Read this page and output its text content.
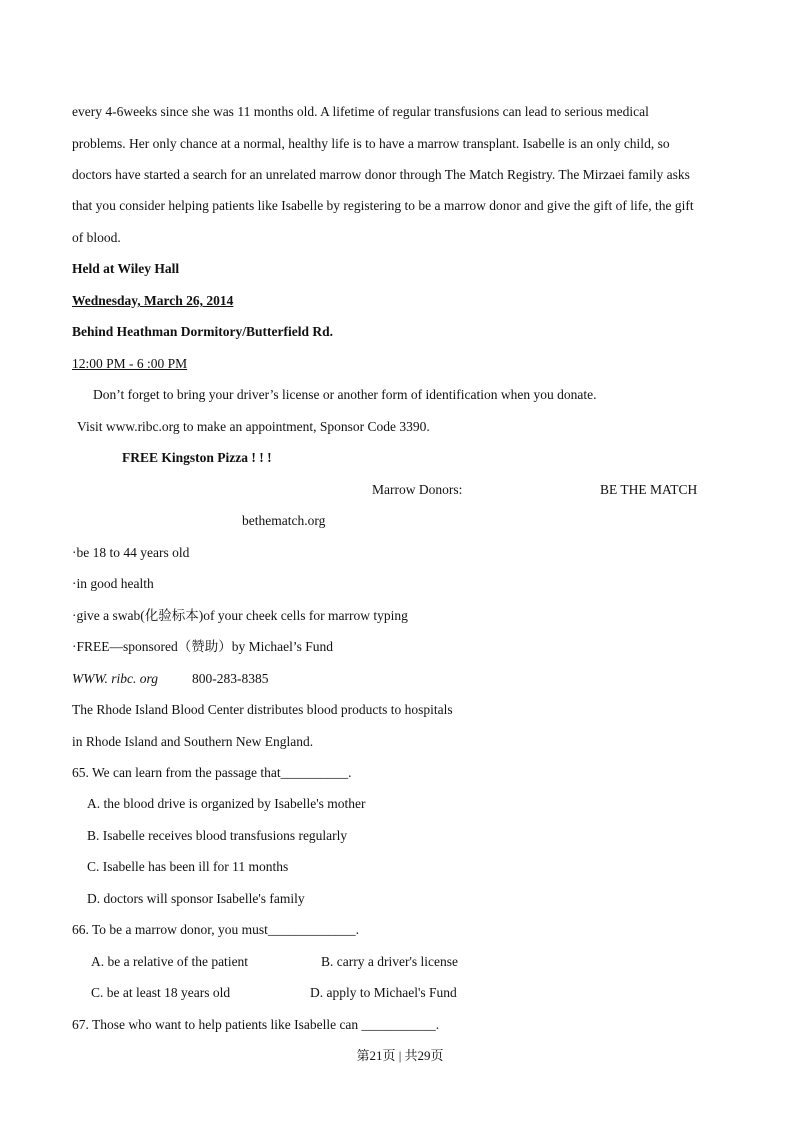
every 4-6weeks since she was 11 months old. A lifetime of regular transfusions can lead to serious medical
problems. Her only chance at a normal, healthy life is to have a marrow transplant. Isabelle is an only child, so
doctors have started a search for an unrelated marrow donor through The Match Registry. The Mirzaei family asks
that you consider helping patients like Isabelle by registering to be a marrow donor and give the gift of life, the gift
of blood.
Held at Wiley Hall
Wednesday, March 26, 2014
Behind Heathman Dormitory/Butterfield Rd.
12:00 PM - 6 :00 PM
Don’t forget to bring your driver’s license or another form of identification when you donate.
Visit www.ribc.org to make an appointment, Sponsor Code 3390.
FREE Kingston Pizza ! ! !
Marrow Donors:	BE THE MATCH
bethematch.org
·be 18 to 44 years old
·in good health
·give a swab(化验标本)of your cheek cells for marrow typing
·FREE—sponsored（赞助）by Michael’s Fund
WWW. ribc. org	800-283-8385
The Rhode Island Blood Center distributes blood products to hospitals
in Rhode Island and Southern New England.
65. We can learn from the passage that__________.
A. the blood drive is organized by Isabelle's mother
B. Isabelle receives blood transfusions regularly
C. Isabelle has been ill for 11 months
D. doctors will sponsor Isabelle's family
66. To be a marrow donor, you must_____________.
A. be a relative of the patient	B. carry a driver's license
C. be at least 18 years old	D. apply to Michael's Fund
67. Those who want to help patients like Isabelle can ___________.
第21页 | 共29页
